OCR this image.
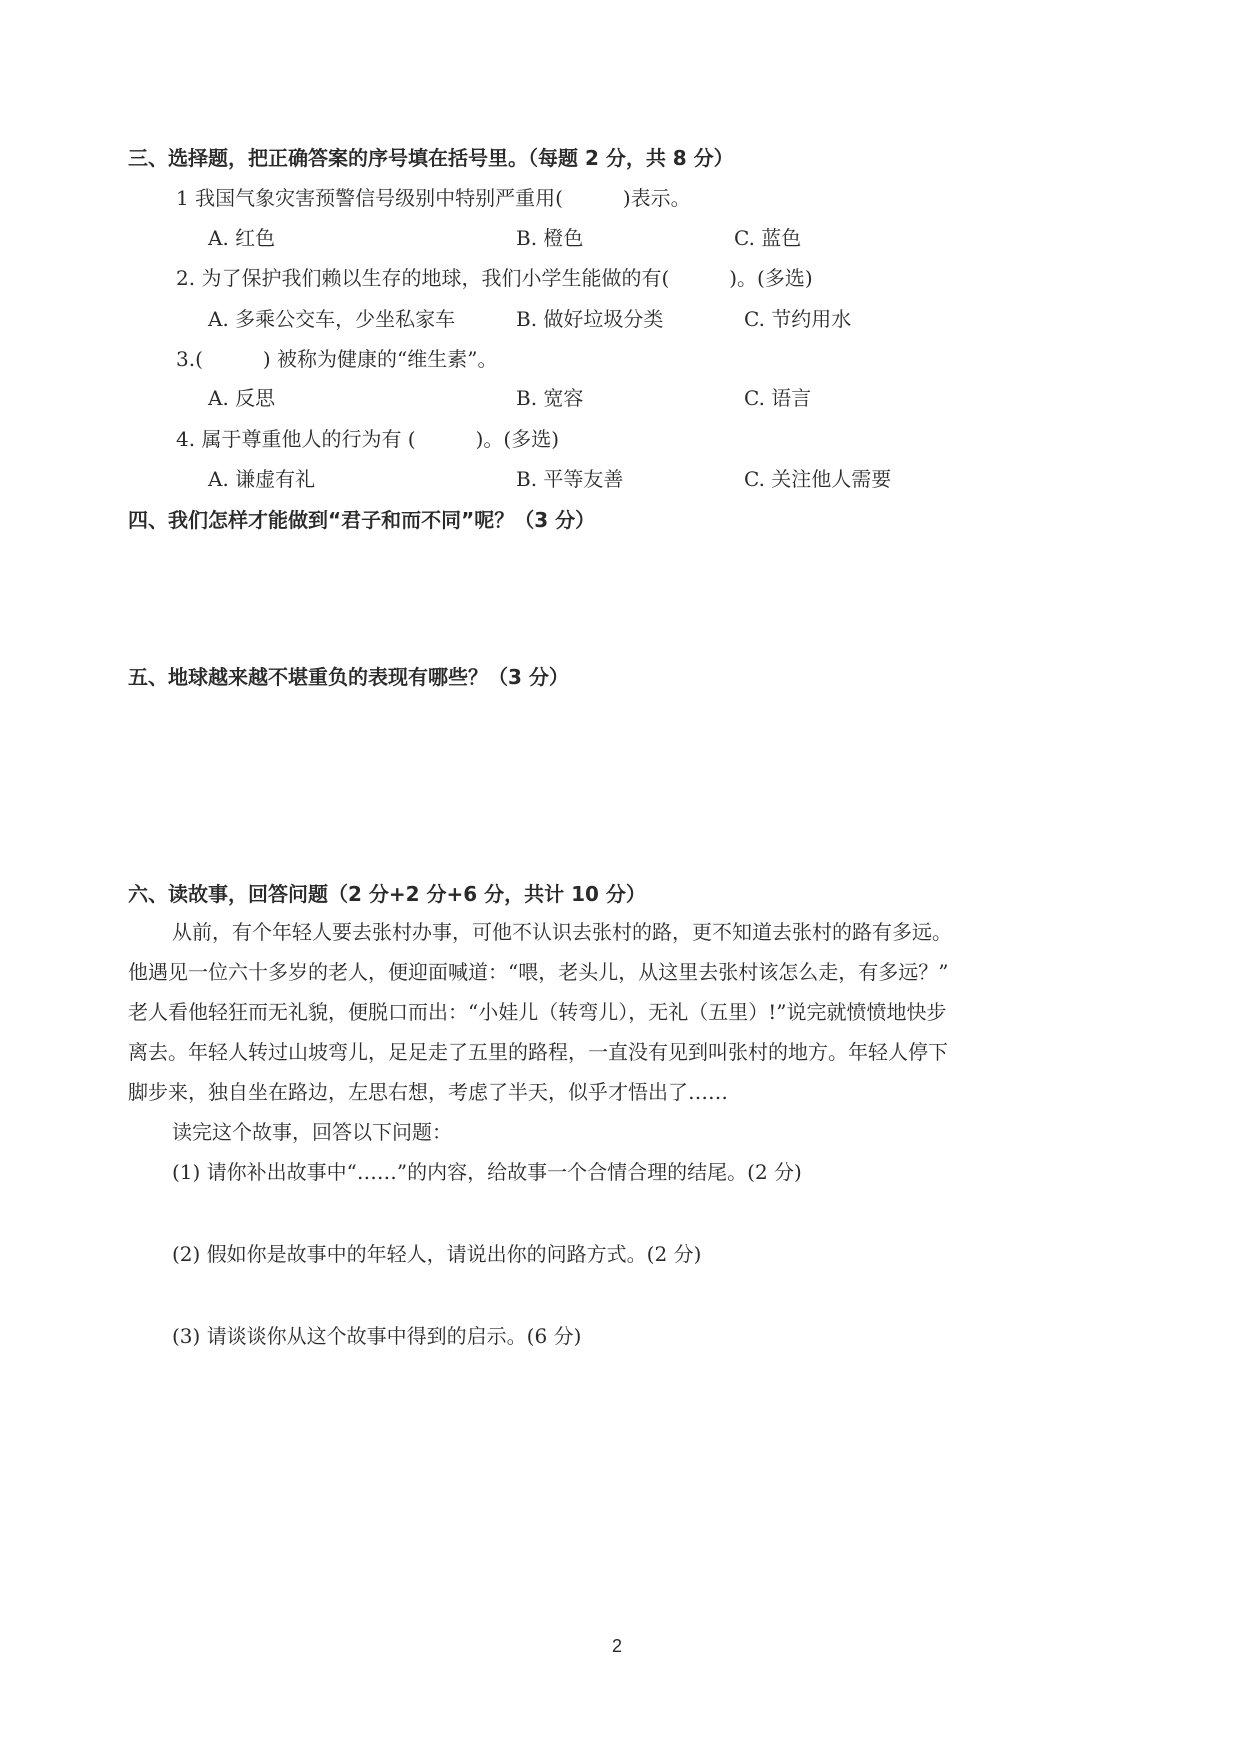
三、选择题，把正确答案的序号填在括号里。（每题 2 分，共 8 分）
1 我国气象灾害预警信号级别中特别严重用(　　　)表示。
A. 红色	B. 橙色	C. 蓝色
2. 为了保护我们赖以生存的地球，我们小学生能做的有(　　　)。(多选)
A. 多乘公交车，少坐私家车	B. 做好垃圾分类	C. 节约用水
3.(　　　) 被称为健康的“维生素”。
A. 反思	B. 宽容	C. 语言
4. 属于尊重他人的行为有 (　　　)。(多选)
A. 谦虚有礼	B. 平等友善	C. 关注他人需要
四、我们怎样才能做到“君子和而不同”呢？（3 分）
五、地球越来越不堪重负的表现有哪些？（3 分）
六、读故事，回答问题（2 分+2 分+6 分，共计 10 分）
从前，有个年轻人要去张村办事，可他不认识去张村的路，更不知道去张村的路有多远。
他遇见一位六十多岁的老人，便迎面喊道：“喂，老头儿，从这里去张村该怎么走，有多远？”
老人看他轻狂而无礼貌，便脱口而出：“小娃儿（转弯儿），无礼（五里）!”说完就愤愤地快步
离去。年轻人转过山坡弯儿，足足走了五里的路程，一直没有见到叫张村的地方。年轻人停下
脚步来，独自坐在路边，左思右想，考虑了半天，似乎才悟出了……
读完这个故事，回答以下问题：
(1) 请你补出故事中“……”的内容，给故事一个合情合理的结尾。(2 分)
(2) 假如你是故事中的年轻人，请说出你的问路方式。(2 分)
(3) 请谈谈你从这个故事中得到的启示。(6 分)
2
